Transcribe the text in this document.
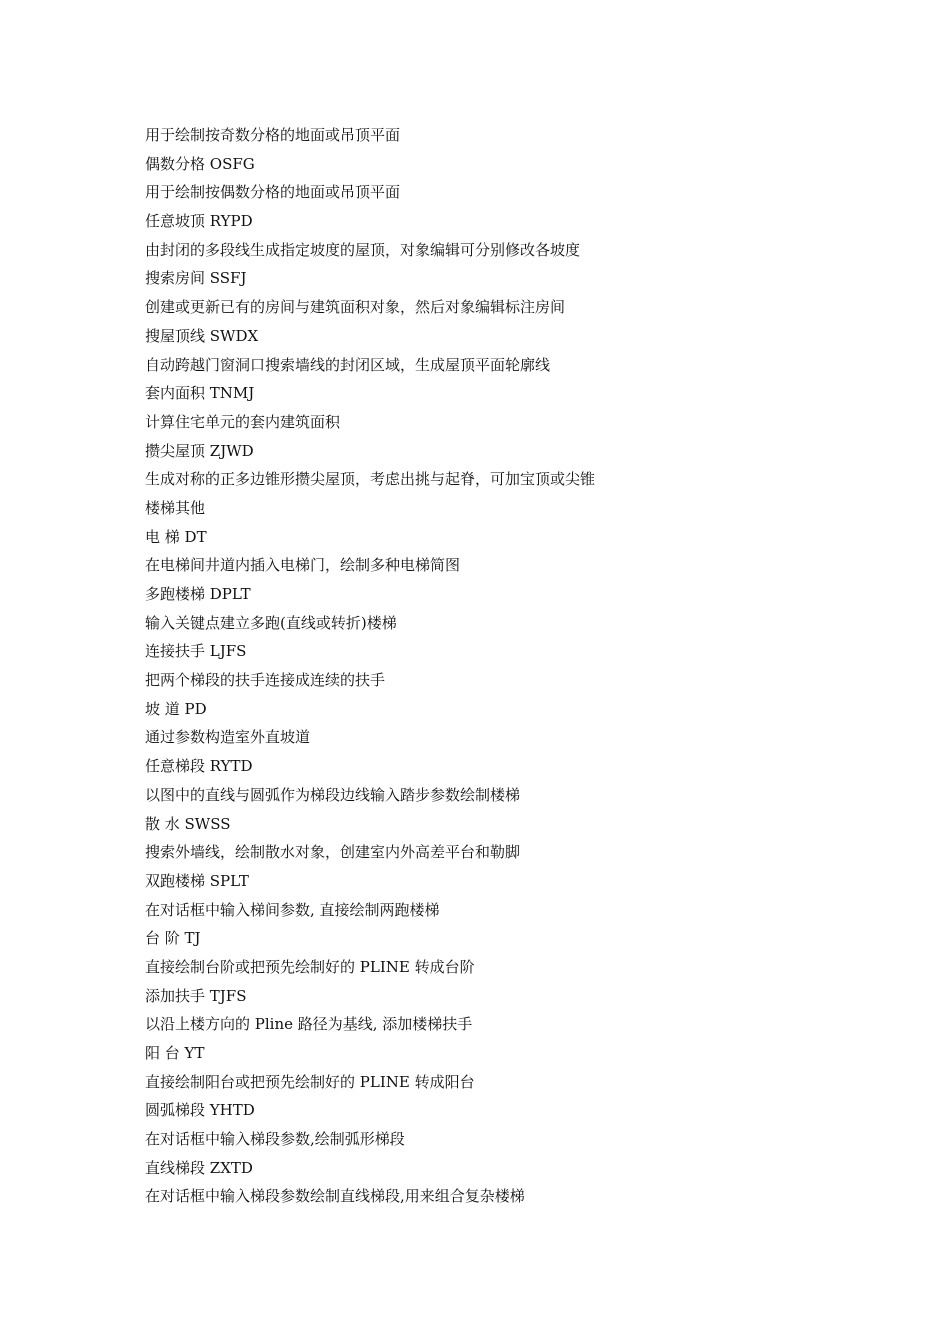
用于绘制按奇数分格的地面或吊顶平面
偶数分格 OSFG
用于绘制按偶数分格的地面或吊顶平面
任意坡顶 RYPD
由封闭的多段线生成指定坡度的屋顶，对象编辑可分别修改各坡度
搜索房间 SSFJ
创建或更新已有的房间与建筑面积对象，然后对象编辑标注房间
搜屋顶线 SWDX
自动跨越门窗洞口搜索墙线的封闭区域，生成屋顶平面轮廓线
套内面积 TNMJ
计算住宅单元的套内建筑面积
攒尖屋顶 ZJWD
生成对称的正多边锥形攒尖屋顶，考虑出挑与起脊，可加宝顶或尖锥
楼梯其他
电 梯 DT
在电梯间井道内插入电梯门，绘制多种电梯简图
多跑楼梯 DPLT
输入关键点建立多跑(直线或转折)楼梯
连接扶手 LJFS
把两个梯段的扶手连接成连续的扶手
坡 道 PD
通过参数构造室外直坡道
任意梯段 RYTD
以图中的直线与圆弧作为梯段边线输入踏步参数绘制楼梯
散 水 SWSS
搜索外墙线，绘制散水对象，创建室内外高差平台和勒脚
双跑楼梯 SPLT
在对话框中输入梯间参数, 直接绘制两跑楼梯
台 阶 TJ
直接绘制台阶或把预先绘制好的 PLINE 转成台阶
添加扶手 TJFS
以沿上楼方向的 Pline 路径为基线, 添加楼梯扶手
阳 台 YT
直接绘制阳台或把预先绘制好的 PLINE 转成阳台
圆弧梯段 YHTD
在对话框中输入梯段参数,绘制弧形梯段
直线梯段 ZXTD
在对话框中输入梯段参数绘制直线梯段,用来组合复杂楼梯
